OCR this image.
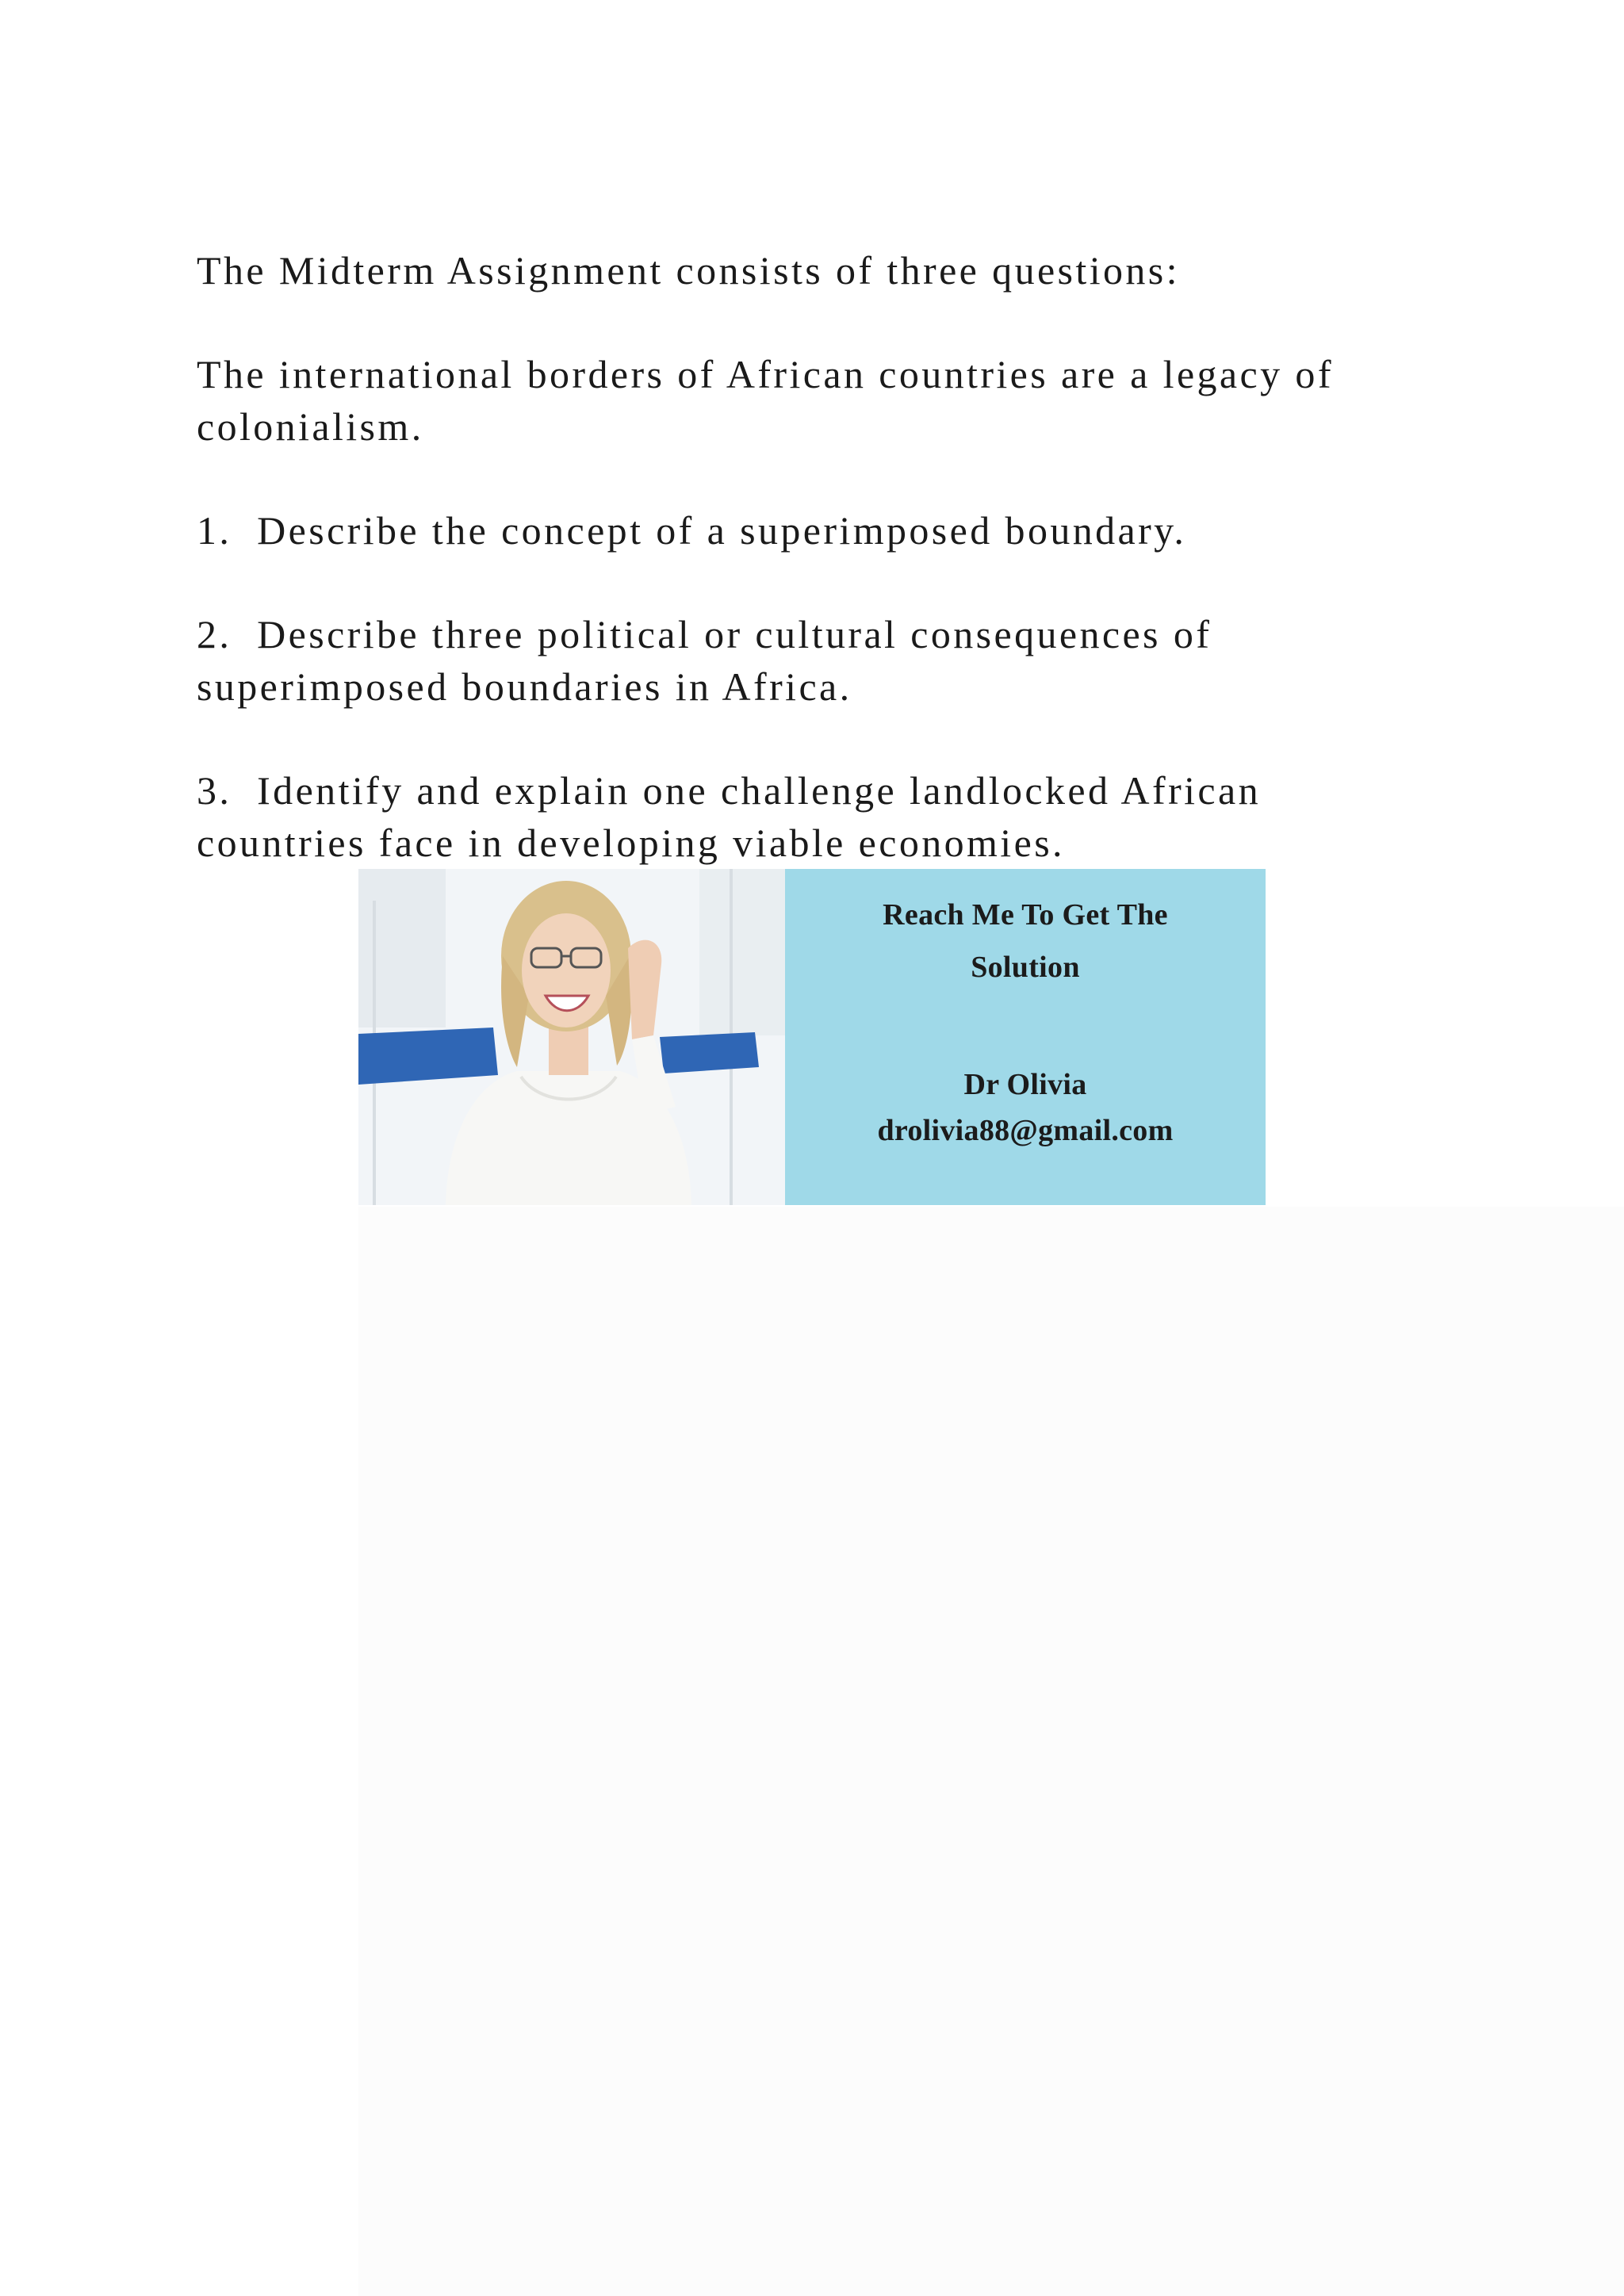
The Midterm Assignment consists of three questions:

The international borders of African countries are a legacy of colonialism.

1. Describe the concept of a superimposed boundary.

2. Describe three political or cultural consequences of superimposed boundaries in Africa.

3. Identify and explain one challenge landlocked African countries face in developing viable economies.

Reach Me To Get The
Solution
Dr Olivia
drolivia88@gmail.com
